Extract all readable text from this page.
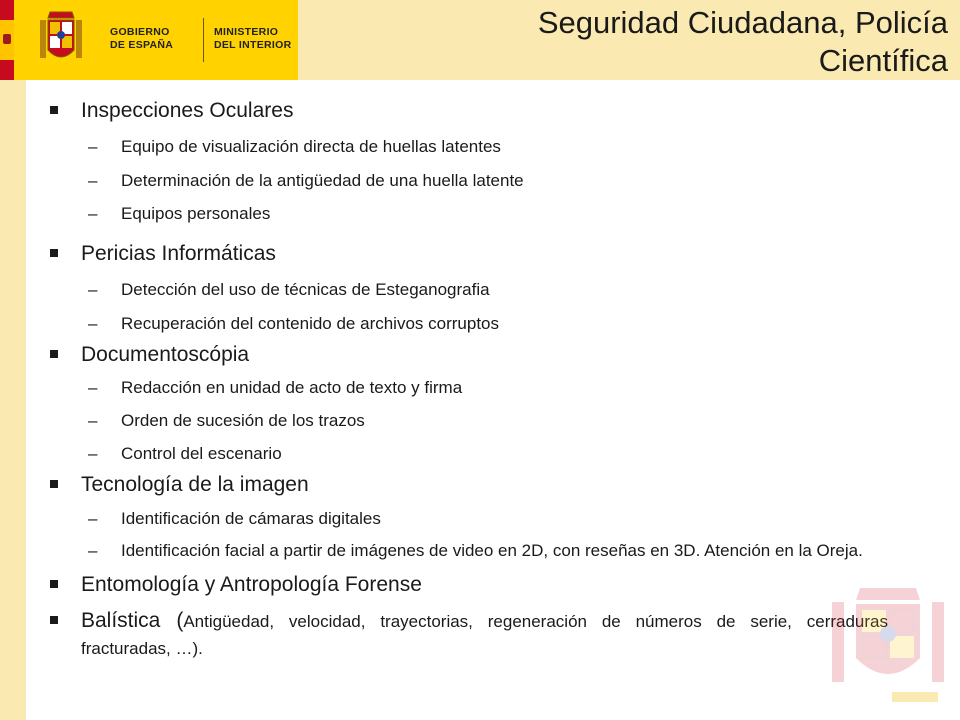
GOBIERNO
DE ESPAÑA
MINISTERIO
DEL INTERIOR
Seguridad Ciudadana, Policía
Científica
Inspecciones Oculares
– Equipo de visualización directa de huellas latentes
– Determinación de la antigüedad de una huella latente
– Equipos personales
Pericias Informáticas
– Detección del uso de técnicas de Esteganografia
– Recuperación del contenido de archivos corruptos
Documentoscópia
– Redacción en unidad de acto de texto y firma
– Orden de sucesión de los trazos
– Control del escenario
Tecnología de la imagen
– Identificación de cámaras digitales
– Identificación facial a partir de imágenes de video en 2D, con reseñas en 3D. Atención en la Oreja.
Entomología y Antropología Forense
Balística (Antigüedad, velocidad, trayectorias, regeneración de números de serie, cerraduras fracturadas, …).
